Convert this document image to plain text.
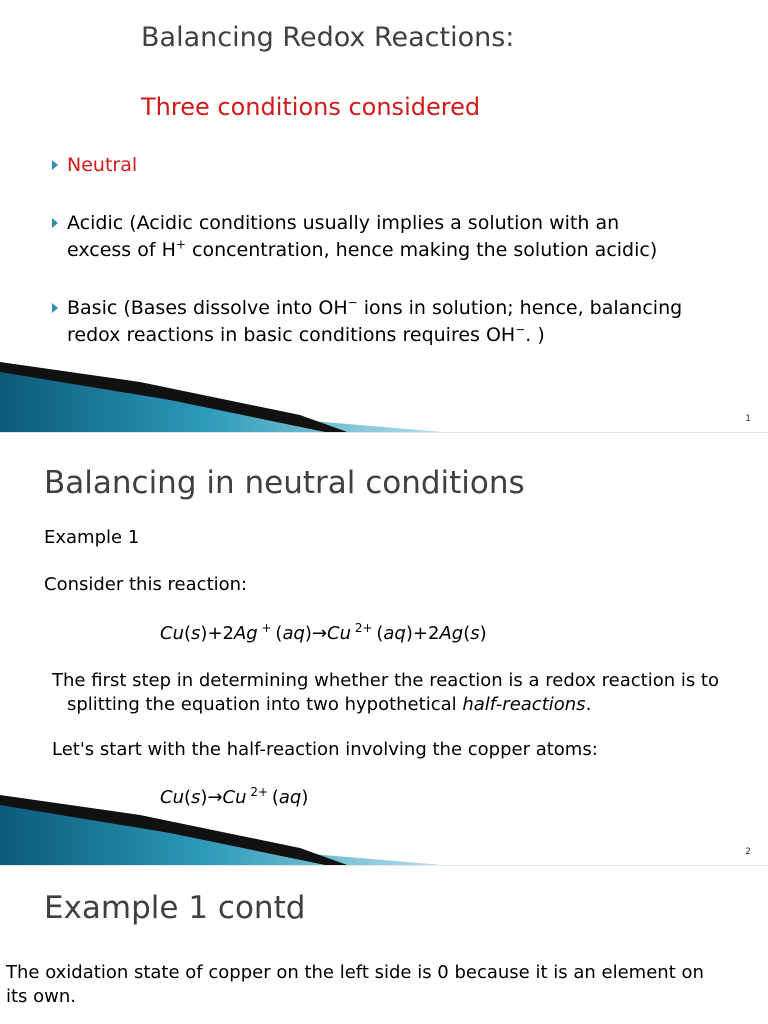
Balancing Redox Reactions:
Three conditions considered
Neutral
Acidic (Acidic conditions usually implies a solution with an
excess of H+ concentration, hence making the solution acidic)
Basic (Bases dissolve into OH− ions in solution; hence, balancing
redox reactions in basic conditions requires OH−. )
1
Balancing in neutral conditions
Example 1
Consider this reaction:
Cu(s)+2Ag + (aq)→Cu $^{2+}$ (aq)+2Ag(s)
The first step in determining whether the reaction is a redox reaction is to
splitting the equation into two hypothetical half-reactions.
Let's start with the half-reaction involving the copper atoms:
Cu(s)→Cu $^{2+}$ (aq)
2
Example 1 contd
The oxidation state of copper on the left side is 0 because it is an element on
its own.
